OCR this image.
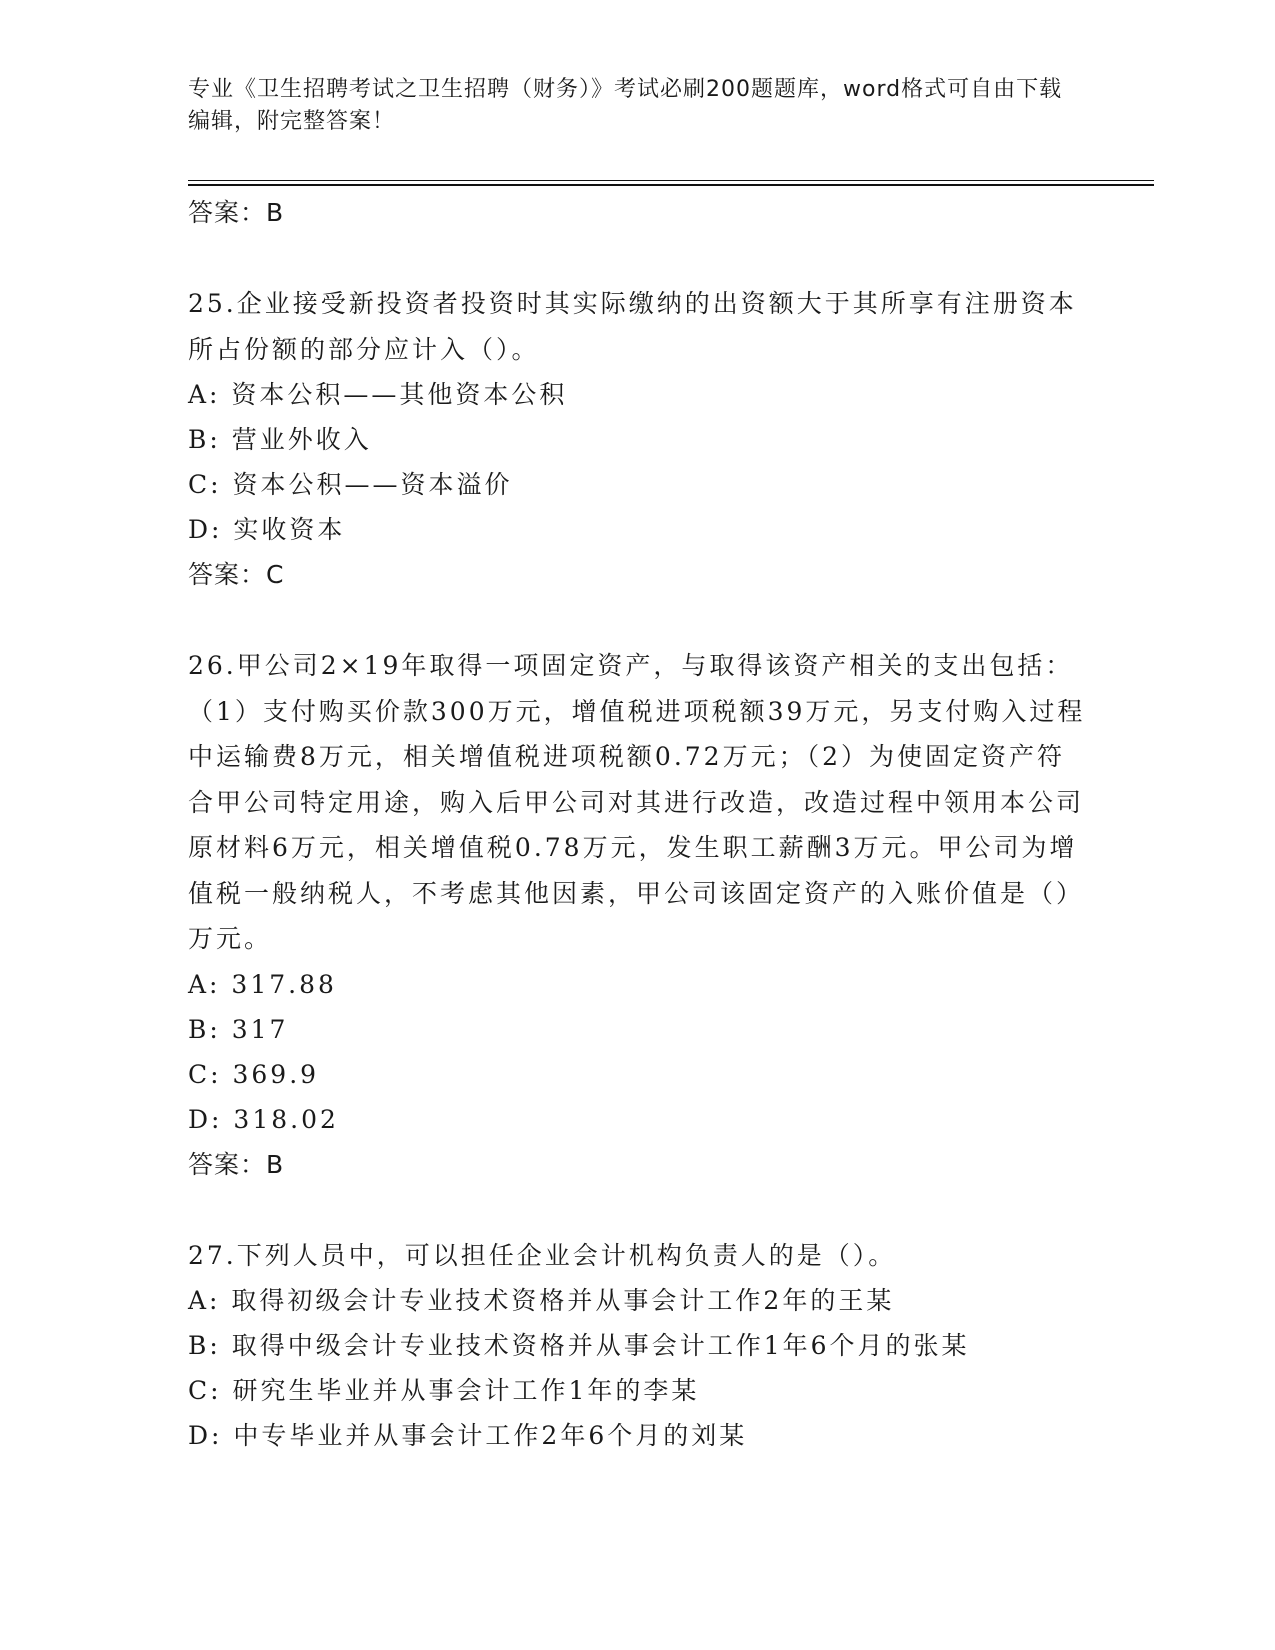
专业《卫生招聘考试之卫生招聘（财务）》考试必刷200题题库，word格式可自由下载编辑，附完整答案！

答案：B

25.企业接受新投资者投资时其实际缴纳的出资额大于其所享有注册资本所占份额的部分应计入（）。

A: 资本公积——其他资本公积

B: 营业外收入

C: 资本公积——资本溢价

D: 实收资本

答案：C

26.甲公司2×19年取得一项固定资产，与取得该资产相关的支出包括：（1）支付购买价款300万元，增值税进项税额39万元，另支付购入过程中运输费8万元，相关增值税进项税额0.72万元；（2）为使固定资产符合甲公司特定用途，购入后甲公司对其进行改造，改造过程中领用本公司原材料6万元，相关增值税0.78万元，发生职工薪酬3万元。甲公司为增值税一般纳税人，不考虑其他因素，甲公司该固定资产的入账价值是（）万元。

A: 317.88

B: 317

C: 369.9

D: 318.02

答案：B

27.下列人员中，可以担任企业会计机构负责人的是（）。

A: 取得初级会计专业技术资格并从事会计工作2年的王某

B: 取得中级会计专业技术资格并从事会计工作1年6个月的张某

C: 研究生毕业并从事会计工作1年的李某

D: 中专毕业并从事会计工作2年6个月的刘某
